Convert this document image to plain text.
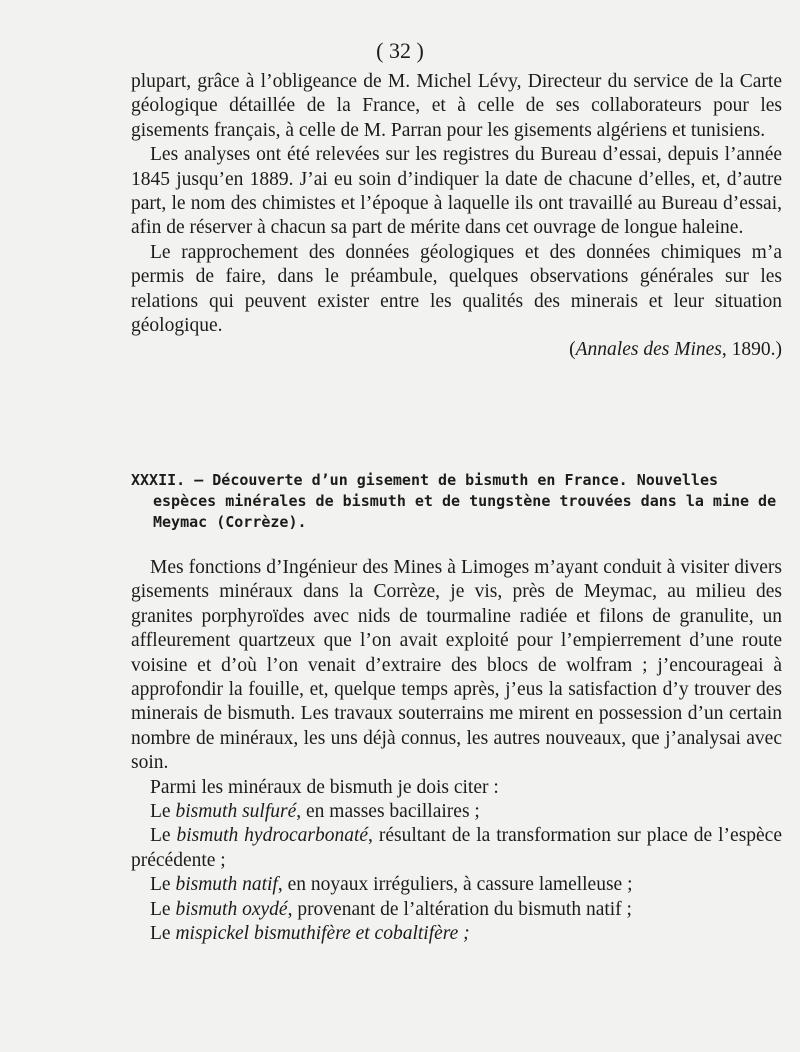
( 32 )

plupart, grâce à l’obligeance de M. Michel Lévy, Directeur du service de la Carte géologique détaillée de la France, et à celle de ses collaborateurs pour les gisements français, à celle de M. Parran pour les gisements algériens et tunisiens.

Les analyses ont été relevées sur les registres du Bureau d’essai, depuis l’année 1845 jusqu’en 1889. J’ai eu soin d’indiquer la date de chacune d’elles, et, d’autre part, le nom des chimistes et l’époque à laquelle ils ont travaillé au Bureau d’essai, afin de réserver à chacun sa part de mérite dans cet ouvrage de longue haleine.

Le rapprochement des données géologiques et des données chimiques m’a permis de faire, dans le préambule, quelques observations générales sur les relations qui peuvent exister entre les qualités des minerais et leur situation géologique.

(Annales des Mines, 1890.)

XXXII. — Découverte d’un gisement de bismuth en France. Nouvelles
espèces minérales de bismuth et de tungstène trouvées dans la mine de
Meymac (Corrèze).

Mes fonctions d’Ingénieur des Mines à Limoges m’ayant conduit à visiter divers gisements minéraux dans la Corrèze, je vis, près de Meymac, au milieu des granites porphyroïdes avec nids de tourmaline radiée et filons de granulite, un affleurement quartzeux que l’on avait exploité pour l’empierrement d’une route voisine et d’où l’on venait d’extraire des blocs de wolfram ; j’encourageai à approfondir la fouille, et, quelque temps après, j’eus la satisfaction d’y trouver des minerais de bismuth. Les travaux souterrains me mirent en possession d’un certain nombre de minéraux, les uns déjà connus, les autres nouveaux, que j’analysai avec soin.

Parmi les minéraux de bismuth je dois citer :

Le bismuth sulfuré, en masses bacillaires ;

Le bismuth hydrocarbonaté, résultant de la transformation sur place de l’espèce précédente ;

Le bismuth natif, en noyaux irréguliers, à cassure lamelleuse ;

Le bismuth oxydé, provenant de l’altération du bismuth natif ;

Le mispickel bismuthifère et cobaltifère ;
